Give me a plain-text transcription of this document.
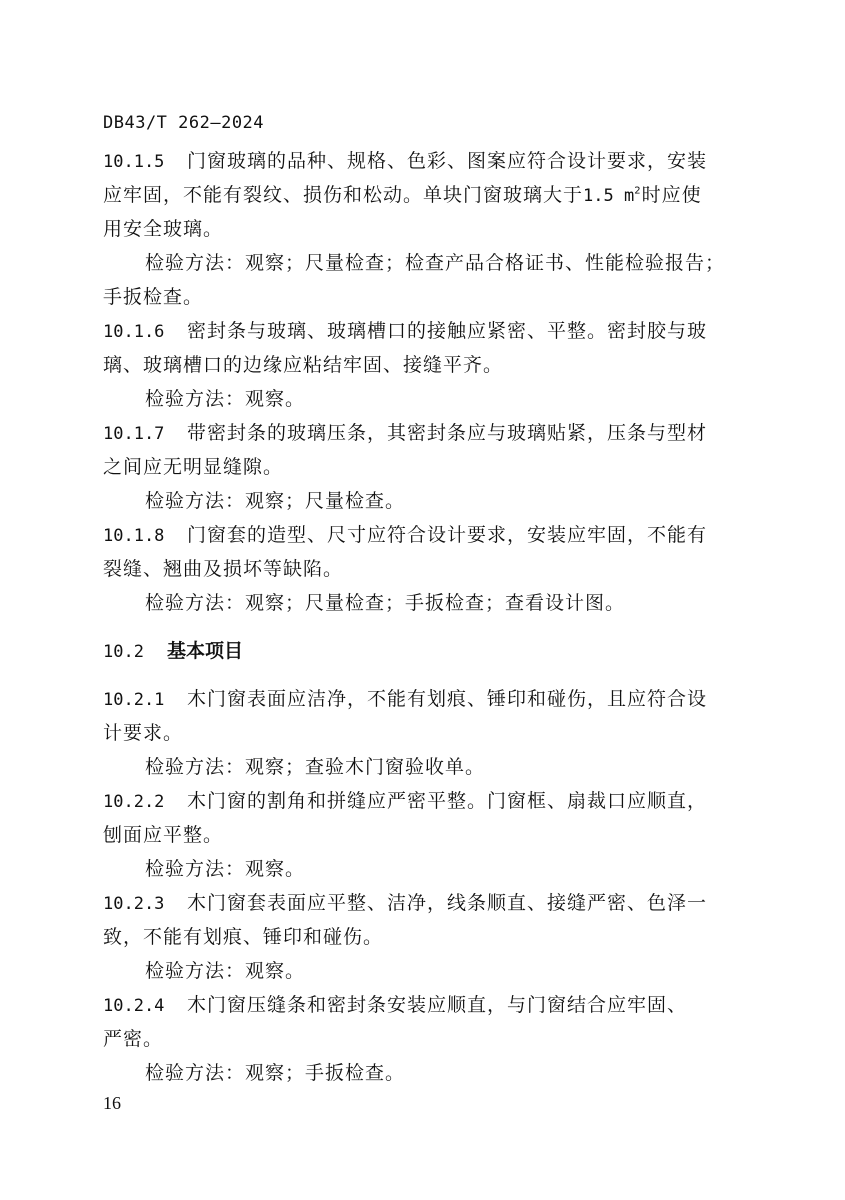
DB43/T 262—2024
10.1.5 门窗玻璃的品种、规格、色彩、图案应符合设计要求，安装
应牢固，不能有裂纹、损伤和松动。单块门窗玻璃大于1.5 $m^2$时应使
用安全玻璃。
检验方法：观察；尺量检查；检查产品合格证书、性能检验报告；
手扳检查。
10.1.6 密封条与玻璃、玻璃槽口的接触应紧密、平整。密封胶与玻
璃、玻璃槽口的边缘应粘结牢固、接缝平齐。
检验方法：观察。
10.1.7 带密封条的玻璃压条，其密封条应与玻璃贴紧，压条与型材
之间应无明显缝隙。
检验方法：观察；尺量检查。
10.1.8 门窗套的造型、尺寸应符合设计要求，安装应牢固，不能有
裂缝、翘曲及损坏等缺陷。
检验方法：观察；尺量检查；手扳检查；查看设计图。
10.2 基本项目
10.2.1 木门窗表面应洁净，不能有划痕、锤印和碰伤，且应符合设
计要求。
检验方法：观察；查验木门窗验收单。
10.2.2 木门窗的割角和拼缝应严密平整。门窗框、扇裁口应顺直，
刨面应平整。
检验方法：观察。
10.2.3 木门窗套表面应平整、洁净，线条顺直、接缝严密、色泽一
致，不能有划痕、锤印和碰伤。
检验方法：观察。
10.2.4 木门窗压缝条和密封条安装应顺直，与门窗结合应牢固、
严密。
检验方法：观察；手扳检查。
16
